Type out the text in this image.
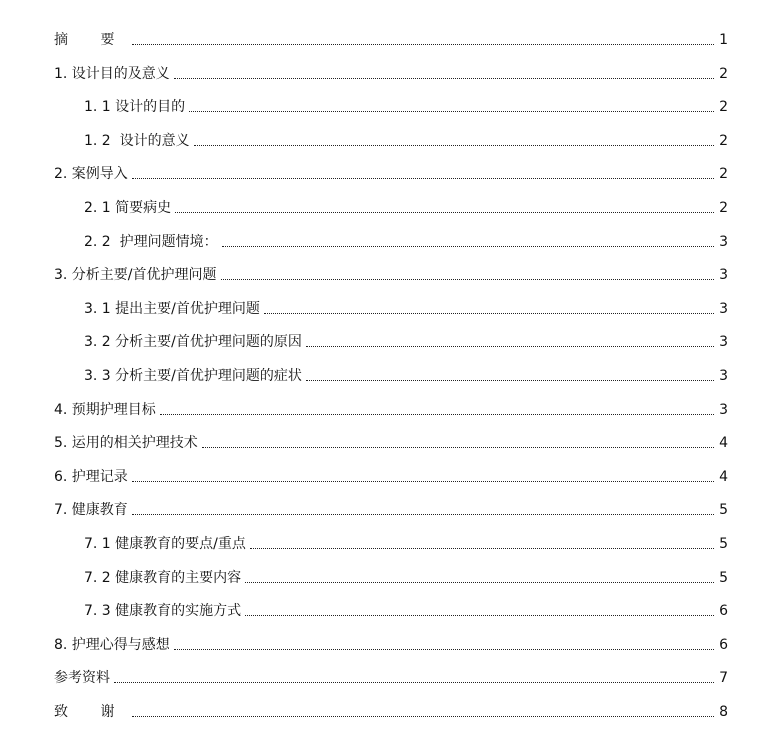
摘 要	1
1. 设计目的及意义	2
1. 1 设计的目的	2
1. 2  设计的意义	2
2. 案例导入	2
2. 1 简要病史	2
2. 2  护理问题情境：	3
3. 分析主要/首优护理问题	3
3. 1 提出主要/首优护理问题	3
3. 2 分析主要/首优护理问题的原因	3
3. 3 分析主要/首优护理问题的症状	3
4. 预期护理目标	3
5. 运用的相关护理技术	4
6. 护理记录	4
7. 健康教育	5
7. 1 健康教育的要点/重点	5
7. 2 健康教育的主要内容	5
7. 3 健康教育的实施方式	6
8. 护理心得与感想	6
参考资料	7
致 谢	8
